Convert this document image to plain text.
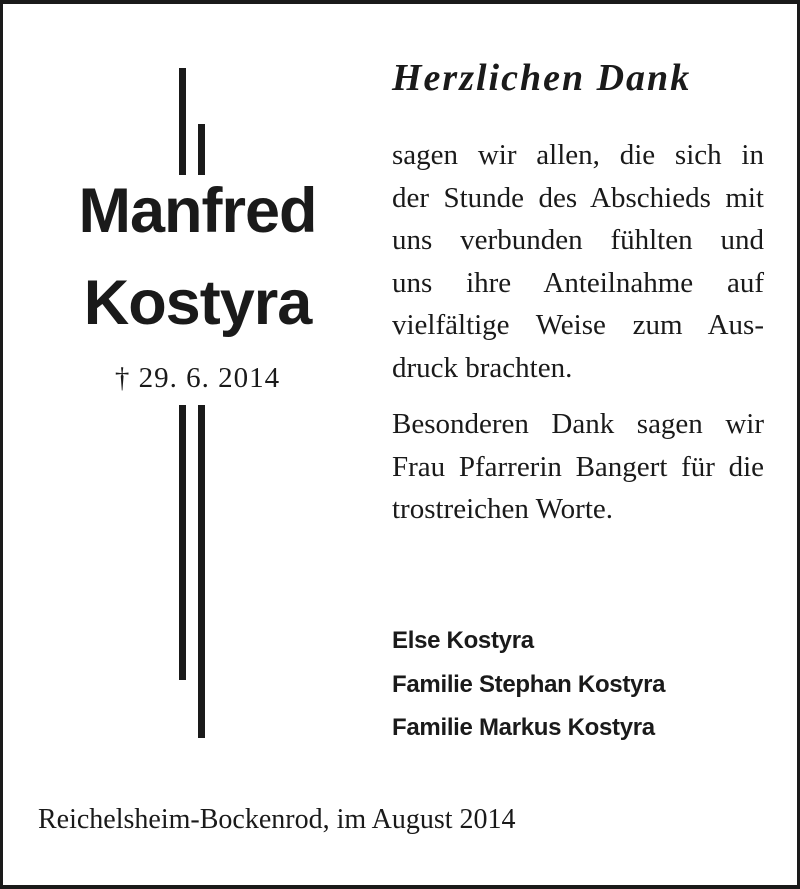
Manfred
Kostyra
† 29. 6. 2014
Herzlichen Dank
sagen wir allen, die sich in
der Stunde des Abschieds mit
uns verbunden fühlten und
uns ihre Anteilnahme auf
vielfältige Weise zum Aus-
druck brachten.
Besonderen Dank sagen wir
Frau Pfarrerin Bangert für die
trostreichen Worte.
Else Kostyra
Familie Stephan Kostyra
Familie Markus Kostyra
Reichelsheim-Bockenrod, im August 2014
